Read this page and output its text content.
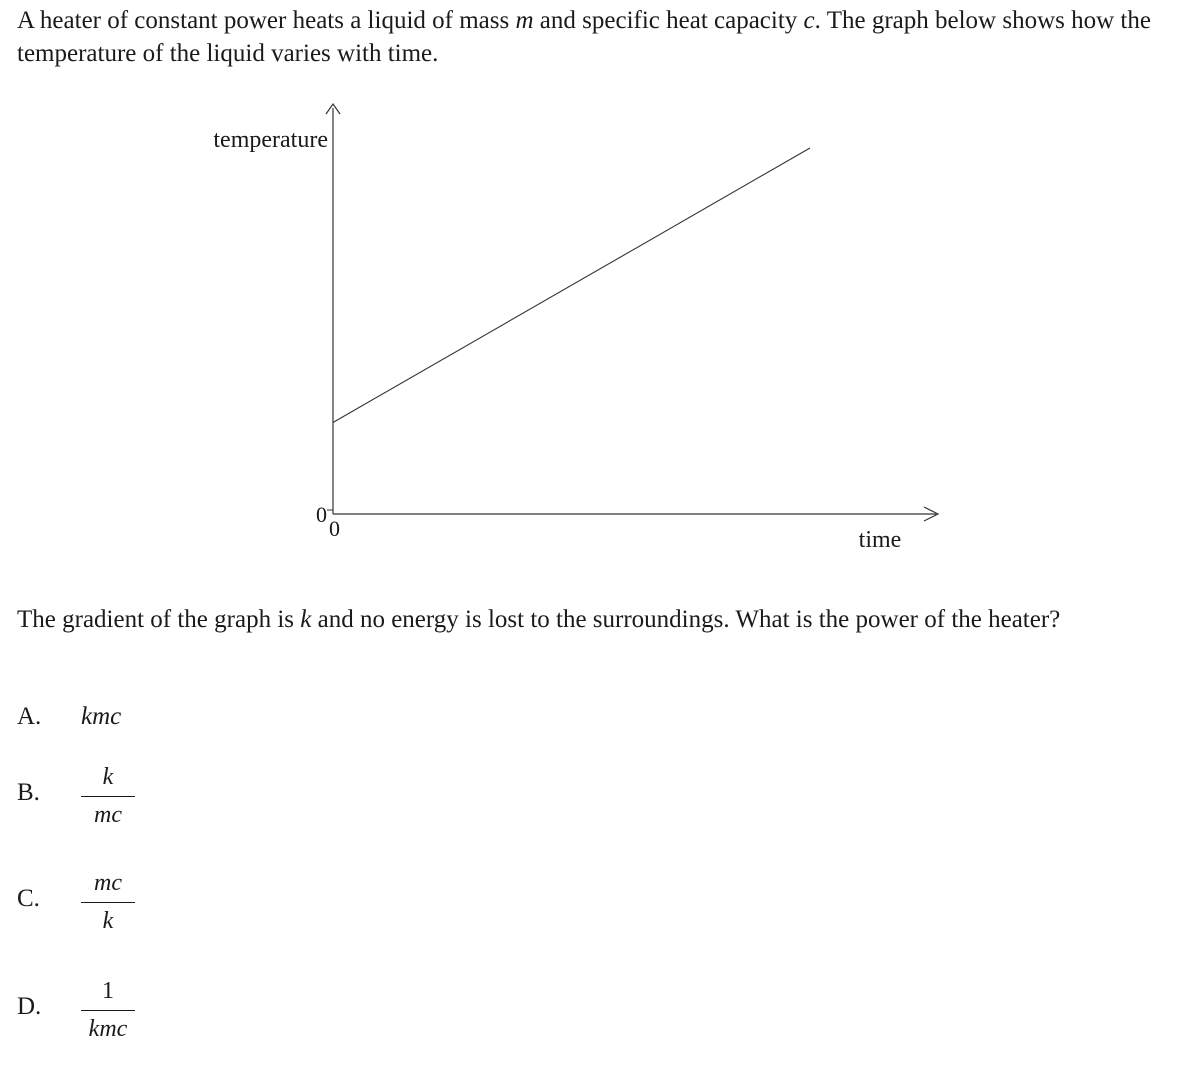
A heater of constant power heats a liquid of mass m and specific heat capacity c. The graph below shows how the temperature of the liquid varies with time.

temperature
time
0
0

The gradient of the graph is k and no energy is lost to the surroundings. What is the power of the heater?

A. kmc
B.
k
mc
C.
mc
k
D.
1
kmc
